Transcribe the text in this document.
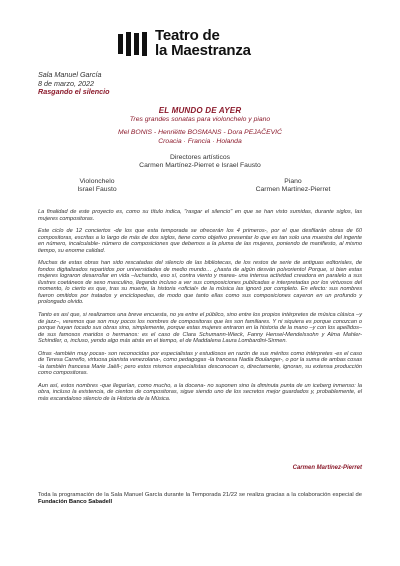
Teatro de
la Maestranza
Sala Manuel García
8 de marzo, 2022
Rasgando el silencio
EL MUNDO DE AYER
Tres grandes sonatas para violonchelo y piano
Mel BONIS - Henriëtte BOSMANS - Dora PEJAČEVIĆ
Croacia · Francia · Holanda
Directores artísticos
Carmen Martínez-Pierret e Israel Fausto
Violonchelo
Israel Fausto
Piano
Carmen Martínez-Pierret

La finalidad de este proyecto es, como su título indica, "rasgar el silencio" en que se han visto sumidas, durante siglos, las mujeres compositoras.

Este ciclo de 12 conciertos -de los que esta temporada se ofrecerán los 4 primeros-, por el que desfilarán obras de 60 compositoras, escritas a lo largo de más de dos siglos, tiene como objetivo presentar lo que es tan solo una muestra del ingente en número, incalculable- número de composiciones que debemos a la pluma de las mujeres, poniendo de manifiesto, al mismo tiempo, su enorme calidad.

Muchas de estas obras han sido rescatadas del silencio de las bibliotecas, de los restos de serie de antiguas editoriales, de fondos digitalizados repartidos por universidades de medio mundo… ¿hasta de algún desván polvoriento! Porque, si bien estas mujeres lograron desarrollar en vida –luchando, eso sí, contra viento y marea- una intensa actividad creadora en paralelo a sus ilustres coetáneos de sexo masculino, llegando incluso a ver sus composiciones publicadas e interpretadas por los virtuosos del momento, lo cierto es que, tras su muerte, la historia «oficial» de la música las ignoró por completo. En efecto: sus nombres fueron omitidos por tratados y enciclopedias, de modo que tanto ellas como sus composiciones cayeron en un profundo y prolongado olvido.

Tanto es así que, si realizamos una breve encuesta, no ya entre el público, sino entre los propios intérpretes de música clásica –y de jazz–, veremos que son muy pocos los nombres de compositoras que les son familiares. Y ni siquiera es porque conozcan o porque hayan tocado sus obras sino, simplemente, porque estas mujeres entraron en la historia de la mano –y con los apellidos– de sus famosos maridos o hermanos: es el caso de Clara Schumann-Wieck, Fanny Hensel-Mendelssohn y Alma Mahler-Schindler, o, incluso, yendo algo más atrás en el tiempo, el de Maddalena Laura Lombardini-Sirmen.

Otras -también muy pocas- son reconocidas por especialistas y estudiosos en razón de sus méritos como intérpretes -es el caso de Teresa Carreño, virtuosa pianista venezolana-, como pedagogas -la francesa Nadia Boulanger-, o por la suma de ambas cosas -la también francesa Marie Jaëll-; pero estos mismos especialistas desconocen o, directamente, ignoran, su extensa producción como compositoras.

Aun así, estos nombres -que llegarían, como mucho, a la docena- no suponen sino la diminuta punta de un iceberg inmenso: la obra, incluso la existencia, de cientos de compositoras, sigue siendo uno de los secretos mejor guardados y, probablemente, el más escandaloso silencio de la Historia de la Música.

Carmen Martínez-Pierret
Toda la programación de la Sala Manuel García durante la Temporada 21/22 se realiza gracias a la colaboración especial de Fundación Banco Sabadell
